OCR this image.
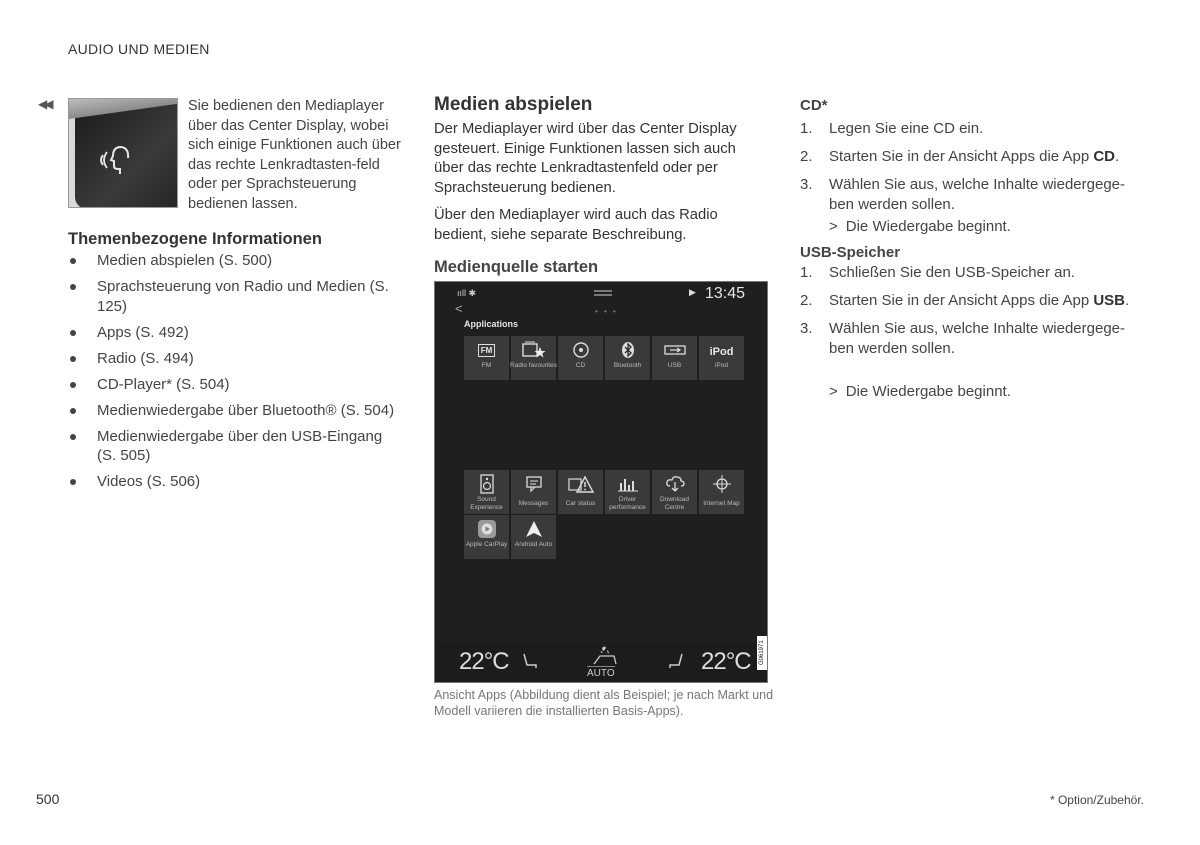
AUDIO UND MEDIEN
◀◀	Sie bedienen den Mediaplayer über das Center Display, wobei sich einige Funktionen auch über das rechte Lenkradtasten-feld oder per Sprachsteuerung bedienen lassen.

Themenbezogene Informationen
Medien abspielen (S. 500)
Sprachsteuerung von Radio und Medien (S. 125)
Apps (S. 492)
Radio (S. 494)
CD-Player* (S. 504)
Medienwiedergabe über Bluetooth® (S. 504)
Medienwiedergabe über den USB-Eingang (S. 505)
Videos (S. 506)
Medien abspielen

Der Mediaplayer wird über das Center Display gesteuert. Einige Funktionen lassen sich auch über das rechte Lenkradtastenfeld oder per Sprachsteuerung bedienen.

Über den Mediaplayer wird auch das Radio bedient, siehe separate Beschreibung.

Medienquelle starten
ııll ✱	▶ 13:45
<	• • •
Applications
FM
FM	Radio favourites	CD	Bluetooth	USB
iPod
iPod
Sound Experience	Messages	Car status
Driver performance
Download Centre	Internet Map
Apple CarPlay	Android Auto
22°C	AUTO	22°C	G061971

Ansicht Apps (Abbildung dient als Beispiel; je nach Markt und Modell variieren die installierten Basis-Apps).

CD*
1. Legen Sie eine CD ein.
2. Starten Sie in der Ansicht Apps die App CD.
3. Wählen Sie aus, welche Inhalte wiedergege-ben werden sollen.
> Die Wiedergabe beginnt.
USB-Speicher
1. Schließen Sie den USB-Speicher an.
2. Starten Sie in der Ansicht Apps die App USB.
3. Wählen Sie aus, welche Inhalte wiedergege-ben werden sollen.
> Die Wiedergabe beginnt.
500	* Option/Zubehör.
